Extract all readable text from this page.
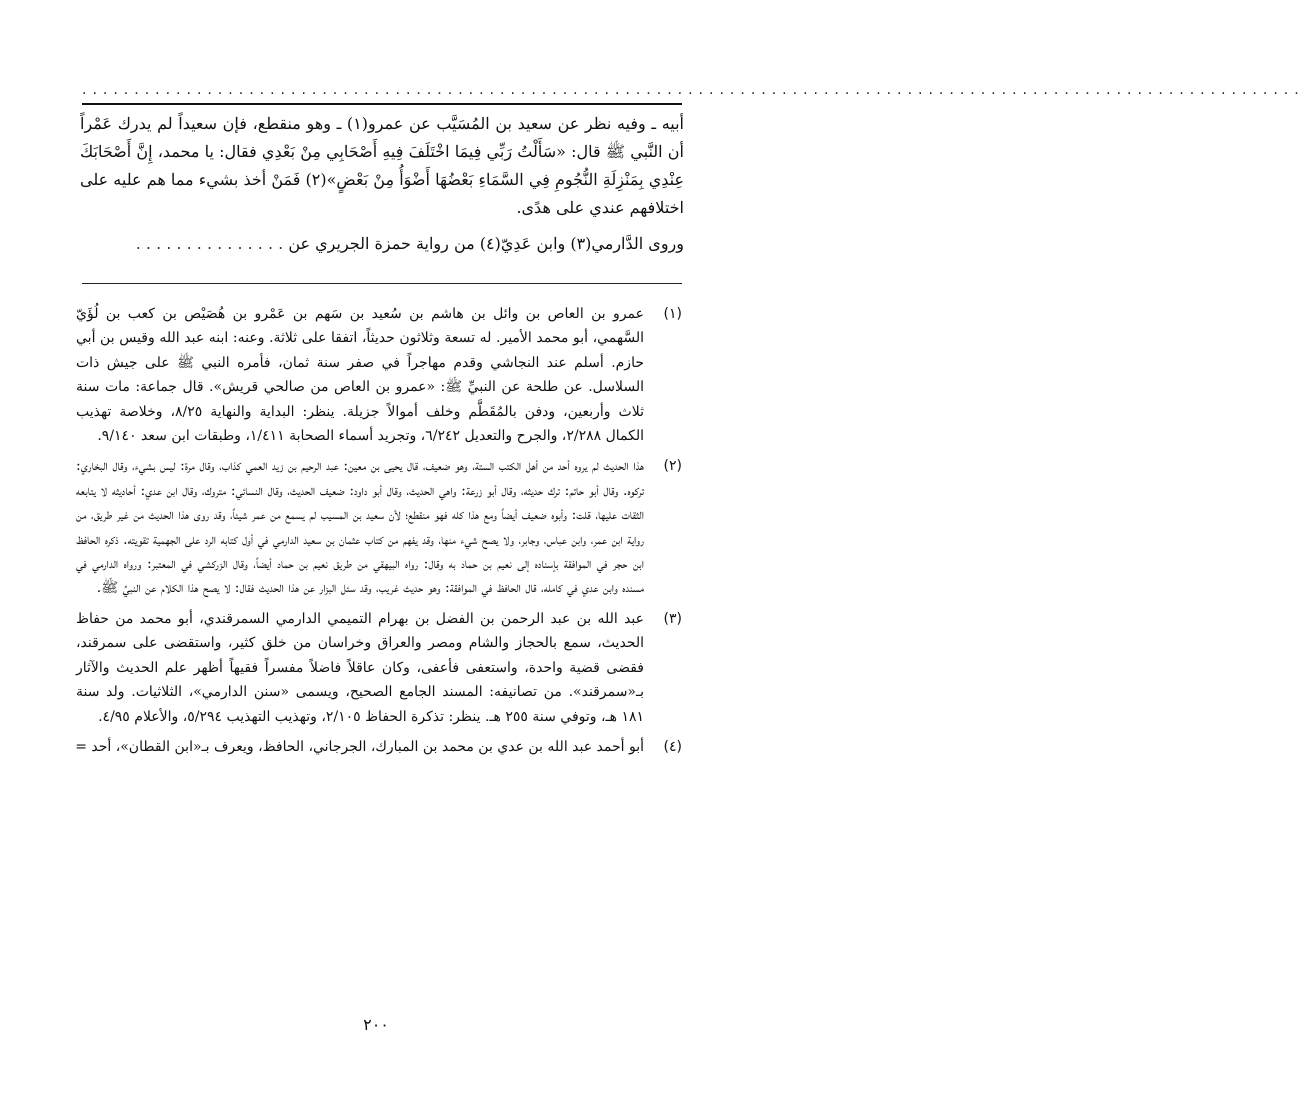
.....................................................................................................................

أبيه ـ وفيه نظر عن سعيد بن المُسَيَّب عن عمرو(١) ـ وهو منقطع، فإن سعيداً لم يدرك عَمْراً أن النَّبي ﷺ قال: «سَأَلْتُ رَبِّي فِيمَا اخْتَلَفَ فِيهِ أَصْحَابِي مِنْ بَعْدِي فقال: يا محمد، إِنَّ أَصْحَابَكَ عِنْدِي بِمَنْزِلَةِ النُّجُومِ فِي السَّمَاءِ بَعْضُهَا أَضْوَأُ مِنْ بَعْضٍ»(٢) فَمَنْ أخذ بشيء مما هم عليه على اختلافهم عندي على هدًى.

وروى الدَّارمي(٣) وابن عَدِيّ(٤) من رواية حمزة الجريري عن . . . . . . . . . . . . . . .

(١)
عمرو بن العاص بن وائل بن هاشم بن سُعيد بن سَهم بن عَمْرو بن هُصَيْص بن كعب بن لُؤَيّ السَّهمي، أبو محمد الأمير. له تسعة وثلاثون حديثاً، اتفقا على ثلاثة. وعنه: ابنه عبد الله وقيس بن أبي حازم. أسلم عند النجاشي وقدم مهاجراً في صفر سنة ثمان، فأمره النبي ﷺ على جيش ذات السلاسل. عن طلحة عن النبيِّ ﷺ: «عمرو بن العاص من صالحي قريش». قال جماعة: مات سنة ثلاث وأربعين، ودفن بالمُقَطَّم وخلف أموالاً جزيلة. ينظر: البداية والنهاية ٨/٢٥، وخلاصة تهذيب الكمال ٢/٢٨٨، والجرح والتعديل ٦/٢٤٢، وتجريد أسماء الصحابة ١/٤١١، وطبقات ابن سعد ٩/١٤٠.
(٢)
هذا الحديث لم يروه أحد من أهل الكتب الستة، وهو ضعيف، قال يحيى بن معين: عبد الرحيم بن زيد العمي كذاب، وقال مرة: ليس بشيء، وقال البخاري: تركوه. وقال أبو حاتم: ترك حديثه، وقال أبو زرعة: واهي الحديث، وقال أبو داود: ضعيف الحديث، وقال النسائي: متروك، وقال ابن عدي: أحاديثه لا يتابعه الثقات عليها، قلت: وأبوه ضعيف أيضاً ومع هذا كله فهو منقطع؛ لأن سعيد بن المسيب لم يسمع من عمر شيئاً، وقد روى هذا الحديث من غير طريق، من رواية ابن عمر، وابن عباس، وجابر، ولا يصح شيء منها، وقد يفهم من كتاب عثمان بن سعيد الدارمي في أول كتابه الرد على الجهمية تقويته. ذكره الحافظ ابن حجر في الموافقة بإسناده إلى نعيم بن حماد به وقال: رواه البيهقي من طريق نعيم بن حماد أيضاً، وقال الزركشي في المعتبر: ورواه الدارمي في مسنده وابن عدي في كامله، قال الحافظ في الموافقة: وهو حديث غريب، وقد سئل البزار عن هذا الحديث فقال: لا يصح هذا الكلام عن النبيِّ ﷺ.
(٣)
عبد الله بن عبد الرحمن بن الفضل بن بهرام التميمي الدارمي السمرقندي، أبو محمد من حفاظ الحديث، سمع بالحجاز والشام ومصر والعراق وخراسان من خلق كثير، واستقضى على سمرقند، فقضى قضية واحدة، واستعفى فأعفى، وكان عاقلاً فاضلاً مفسراً فقيهاً أظهر علم الحديث والآثار بـ«سمرقند». من تصانيفه: المسند الجامع الصحيح، ويسمى «سنن الدارمي»، الثلاثيات. ولد سنة ١٨١ هـ، وتوفي سنة ٢٥٥ هـ. ينظر: تذكرة الحفاظ ٢/١٠٥، وتهذيب التهذيب ٥/٢٩٤، والأعلام ٤/٩٥.
(٤)
أبو أحمد عبد الله بن عدي بن محمد بن المبارك، الجرجاني، الحافظ، ويعرف بـ«ابن القطان»، أحد =
٢٠٠
